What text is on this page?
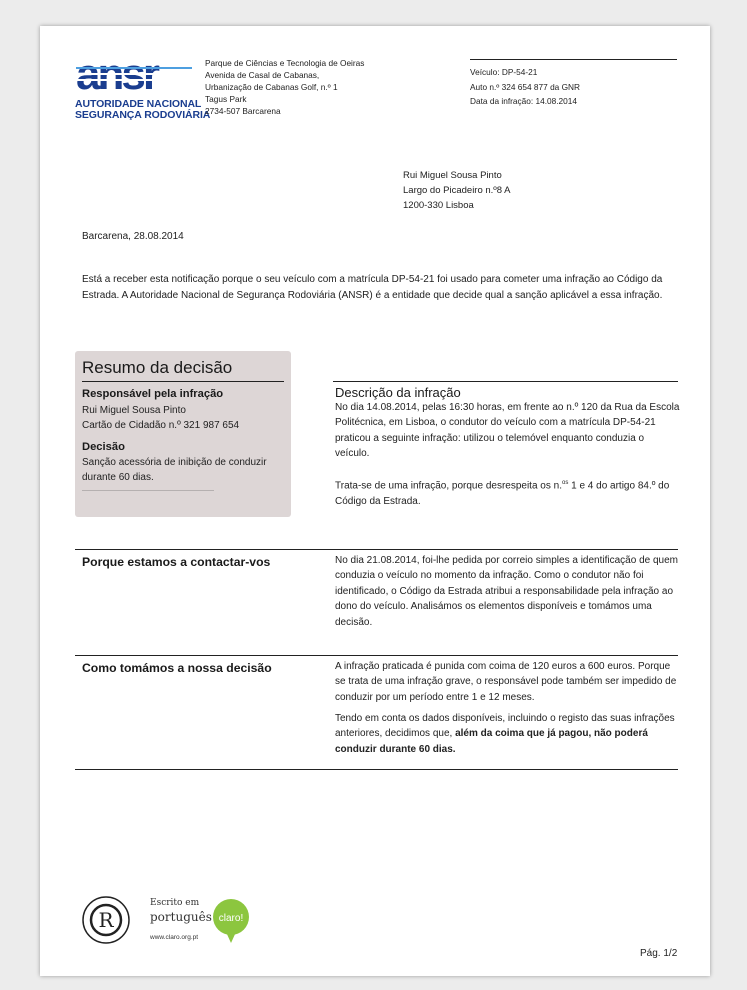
AUTORIDADE NACIONAL
SEGURANÇA RODOVIÁRIA
Parque de Ciências e Tecnologia de Oeiras
Avenida de Casal de Cabanas,
Urbanização de Cabanas Golf, n.º 1
Tagus Park
2734-507 Barcarena
Veículo: DP-54-21
Auto n.º 324 654 877 da GNR
Data da infração: 14.08.2014
Rui Miguel Sousa Pinto
Largo do Picadeiro n.º8 A
1200-330 Lisboa
Barcarena, 28.08.2014
Está a receber esta notificação porque o seu veículo com a matrícula DP-54-21 foi usado para cometer uma infração ao Código da Estrada. A Autoridade Nacional de Segurança Rodoviária (ANSR) é a entidade que decide qual a sanção aplicável a essa infração.
Resumo da decisão
Responsável pela infração
Rui Miguel Sousa Pinto
Cartão de Cidadão n.º 321 987 654
Decisão
Sanção acessória de inibição de conduzir durante 60 dias.
Descrição da infração
No dia 14.08.2014, pelas 16:30 horas, em frente ao n.º 120 da Rua da Escola Politécnica, em Lisboa, o condutor do veículo com a matrícula DP-54-21 praticou a seguinte infração: utilizou o telemóvel enquanto conduzia o veículo.
Trata-se de uma infração, porque desrespeita os n.$^{os}$ 1 e 4 do artigo 84.º do Código da Estrada.
Porque estamos a contactar-vos	No dia 21.08.2014, foi-lhe pedida por correio simples a identificação de quem conduzia o veículo no momento da infração. Como o condutor não foi identificado, o Código da Estrada atribui a responsabilidade pela infração ao dono do veículo. Analisámos os elementos disponíveis e tomámos uma decisão.
Como tomámos a nossa decisão	A infração praticada é punida com coima de 120 euros a 600 euros. Porque se trata de uma infração grave, o responsável pode também ser impedido de conduzir por um período entre 1 e 12 meses.
Tendo em conta os dados disponíveis, incluindo o registo das suas infrações anteriores, decidimos que, além da coima que já pagou, não poderá conduzir durante 60 dias.
R
Escrito em
português claro!
www.claro.org.pt
Pág. 1/2
